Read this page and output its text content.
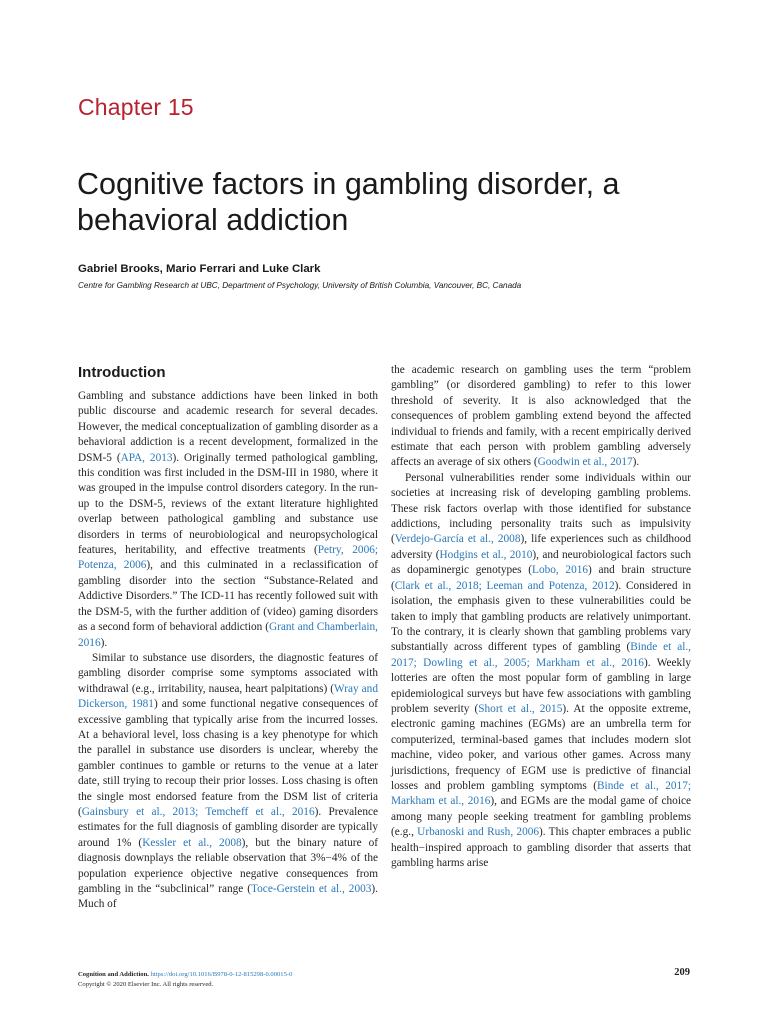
Chapter 15
Cognitive factors in gambling disorder, a behavioral addiction
Gabriel Brooks, Mario Ferrari and Luke Clark
Centre for Gambling Research at UBC, Department of Psychology, University of British Columbia, Vancouver, BC, Canada
Introduction

Gambling and substance addictions have been linked in both public discourse and academic research for several decades. However, the medical conceptualization of gambling disorder as a behavioral addiction is a recent development, formalized in the DSM-5 (APA, 2013). Originally termed pathological gambling, this condition was first included in the DSM-III in 1980, where it was grouped in the impulse control disorders category. In the run-up to the DSM-5, reviews of the extant literature highlighted overlap between pathological gambling and substance use disorders in terms of neurobiological and neuropsychological features, heritability, and effective treatments (Petry, 2006; Potenza, 2006), and this culminated in a reclassification of gambling disorder into the section “Substance-Related and Addictive Disorders.” The ICD-11 has recently followed suit with the DSM-5, with the further addition of (video) gaming disorders as a second form of behavioral addiction (Grant and Chamberlain, 2016).

Similar to substance use disorders, the diagnostic features of gambling disorder comprise some symptoms associated with withdrawal (e.g., irritability, nausea, heart palpitations) (Wray and Dickerson, 1981) and some functional negative consequences of excessive gambling that typically arise from the incurred losses. At a behavioral level, loss chasing is a key phenotype for which the parallel in substance use disorders is unclear, whereby the gambler continues to gamble or returns to the venue at a later date, still trying to recoup their prior losses. Loss chasing is often the single most endorsed feature from the DSM list of criteria (Gainsbury et al., 2013; Temcheff et al., 2016). Prevalence estimates for the full diagnosis of gambling disorder are typically around 1% (Kessler et al., 2008), but the binary nature of diagnosis downplays the reliable observation that 3%−4% of the population experience objective negative consequences from gambling in the “subclinical” range (Toce-Gerstein et al., 2003). Much of

the academic research on gambling uses the term “problem gambling” (or disordered gambling) to refer to this lower threshold of severity. It is also acknowledged that the consequences of problem gambling extend beyond the affected individual to friends and family, with a recent empirically derived estimate that each person with problem gambling adversely affects an average of six others (Goodwin et al., 2017).

Personal vulnerabilities render some individuals within our societies at increasing risk of developing gambling problems. These risk factors overlap with those identified for substance addictions, including personality traits such as impulsivity (Verdejo-García et al., 2008), life experiences such as childhood adversity (Hodgins et al., 2010), and neurobiological factors such as dopaminergic genotypes (Lobo, 2016) and brain structure (Clark et al., 2018; Leeman and Potenza, 2012). Considered in isolation, the emphasis given to these vulnerabilities could be taken to imply that gambling products are relatively unimportant. To the contrary, it is clearly shown that gambling problems vary substantially across different types of gambling (Binde et al., 2017; Dowling et al., 2005; Markham et al., 2016). Weekly lotteries are often the most popular form of gambling in large epidemiological surveys but have few associations with gambling problem severity (Short et al., 2015). At the opposite extreme, electronic gaming machines (EGMs) are an umbrella term for computerized, terminal-based games that includes modern slot machine, video poker, and various other games. Across many jurisdictions, frequency of EGM use is predictive of financial losses and problem gambling symptoms (Binde et al., 2017; Markham et al., 2016), and EGMs are the modal game of choice among many people seeking treatment for gambling problems (e.g., Urbanoski and Rush, 2006). This chapter embraces a public health−inspired approach to gambling disorder that asserts that gambling harms arise

Cognition and Addiction. https://doi.org/10.1016/B978-0-12-815298-0.00015-0
Copyright © 2020 Elsevier Inc. All rights reserved.
209
